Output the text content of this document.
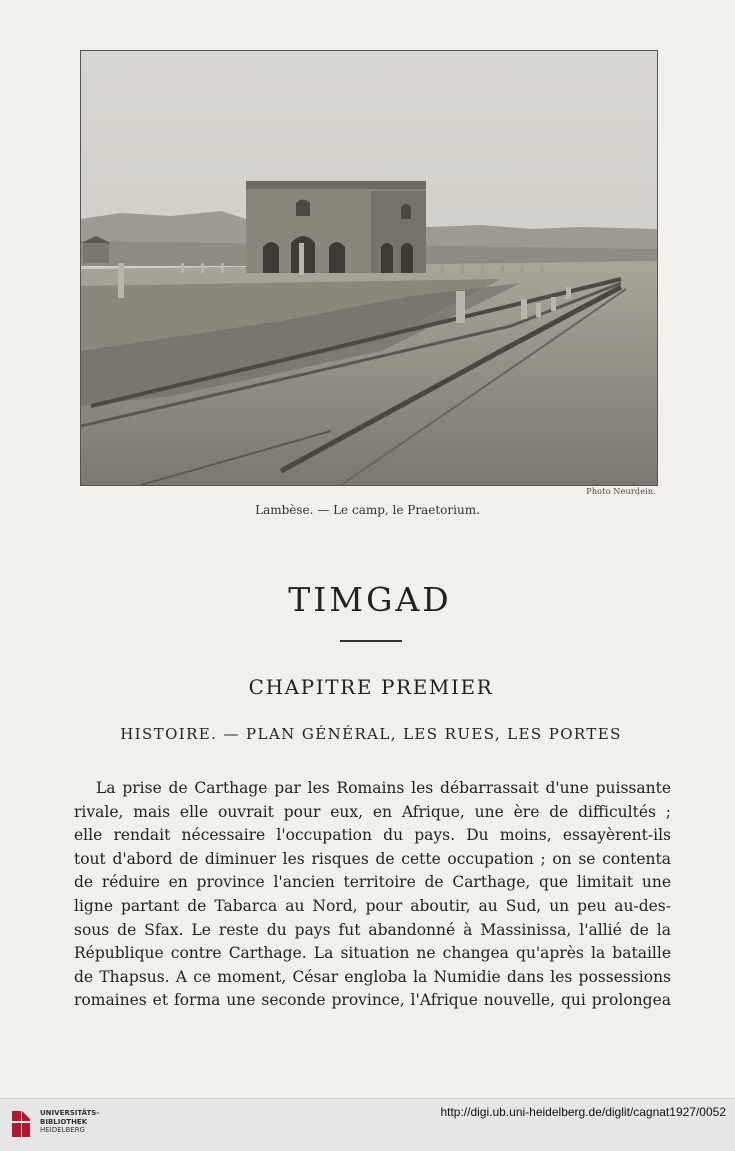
Photo Neurdein.
Lambèse. — Le camp, le Praetorium.
TIMGAD
CHAPITRE PREMIER
HISTOIRE. — PLAN GÉNÉRAL, LES RUES, LES PORTES
La prise de Carthage par les Romains les débarrassait d'une puissante
rivale, mais elle ouvrait pour eux, en Afrique, une ère de difficultés ;
elle rendait nécessaire l'occupation du pays. Du moins, essayèrent-ils
tout d'abord de diminuer les risques de cette occupation ; on se contenta
de réduire en province l'ancien territoire de Carthage, que limitait une
ligne partant de Tabarca au Nord, pour aboutir, au Sud, un peu au-des-
sous de Sfax. Le reste du pays fut abandonné à Massinissa, l'allié de la
République contre Carthage. La situation ne changea qu'après la bataille
de Thapsus. A ce moment, César engloba la Numidie dans les possessions
romaines et forma une seconde province, l'Afrique nouvelle, qui prolongea
UNIVERSITÄTS-
BIBLIOTHEK
HEIDELBERG
http://digi.ub.uni-heidelberg.de/diglit/cagnat1927/0052
